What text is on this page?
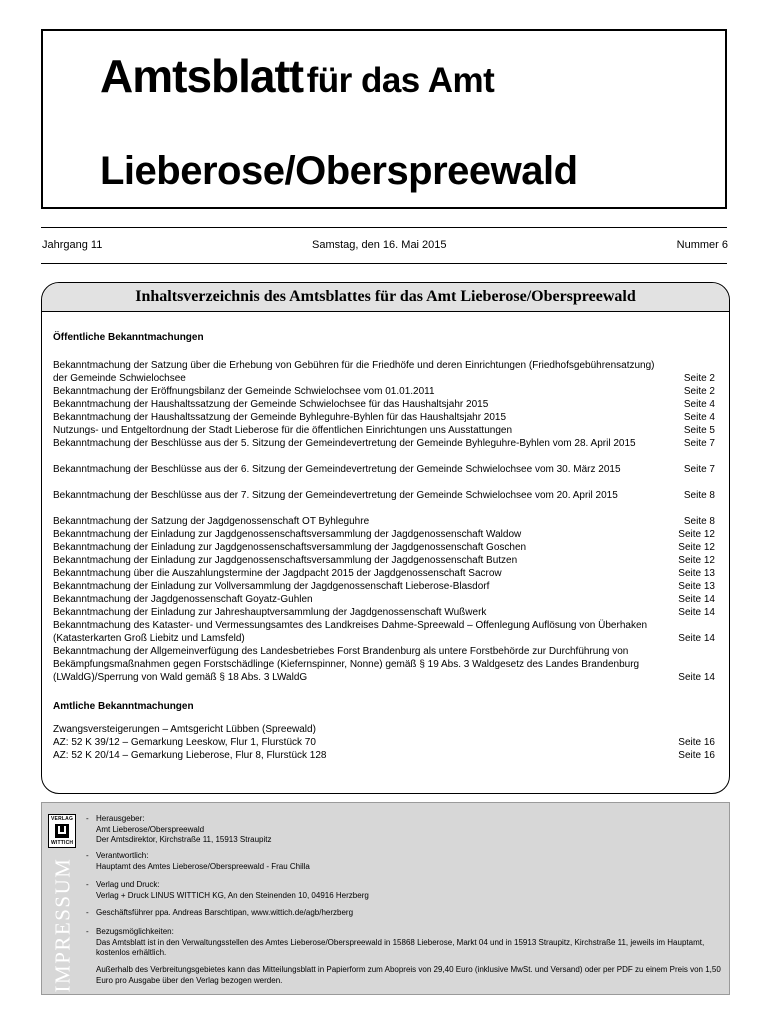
Amtsblatt für das Amt
Lieberose/Oberspreewald
Jahrgang 11	Samstag, den 16. Mai 2015	Nummer 6
Inhaltsverzeichnis des Amtsblattes für das Amt Lieberose/Oberspreewald
Öffentliche Bekanntmachungen
Bekanntmachung der Satzung über die Erhebung von Gebühren für die Friedhöfe und deren Einrichtungen (Friedhofsgebührensatzung) der Gemeinde Schwielochsee	Seite 2
Bekanntmachung der Eröffnungsbilanz der Gemeinde Schwielochsee vom 01.01.2011	Seite 2
Bekanntmachung der Haushaltssatzung der Gemeinde Schwielochsee für das Haushaltsjahr 2015	Seite 4
Bekanntmachung der Haushaltssatzung der Gemeinde Byhleguhre-Byhlen für das Haushaltsjahr 2015	Seite 4
Nutzungs- und Entgeltordnung der Stadt Lieberose für die öffentlichen Einrichtungen uns Ausstattungen	Seite 5
Bekanntmachung der Beschlüsse aus der 5. Sitzung der Gemeindevertretung der Gemeinde Byhleguhre-Byhlen vom 28. April 2015	Seite 7
Bekanntmachung der Beschlüsse aus der 6. Sitzung der Gemeindevertretung der Gemeinde Schwielochsee vom 30. März 2015	Seite 7
Bekanntmachung der Beschlüsse aus der 7. Sitzung der Gemeindevertretung der Gemeinde Schwielochsee vom 20. April 2015	Seite 8
Bekanntmachung der Satzung der Jagdgenossenschaft OT Byhleguhre	Seite 8
Bekanntmachung der Einladung zur Jagdgenossenschaftsversammlung der Jagdgenossenschaft Waldow	Seite 12
Bekanntmachung der Einladung zur Jagdgenossenschaftsversammlung der Jagdgenossenschaft Goschen	Seite 12
Bekanntmachung der Einladung zur Jagdgenossenschaftsversammlung der Jagdgenossenschaft Butzen	Seite 12
Bekanntmachung über die Auszahlungstermine der Jagdpacht 2015 der Jagdgenossenschaft Sacrow	Seite 13
Bekanntmachung der Einladung zur Vollversammlung der Jagdgenossenschaft Lieberose-Blasdorf	Seite 13
Bekanntmachung der Jagdgenossenschaft Goyatz-Guhlen	Seite 14
Bekanntmachung der Einladung zur Jahreshauptversammlung der Jagdgenossenschaft Wußwerk	Seite 14
Bekanntmachung des Kataster- und Vermessungsamtes des Landkreises Dahme-Spreewald – Offenlegung Auflösung von Überhaken (Katasterkarten Groß Liebitz und Lamsfeld)	Seite 14
Bekanntmachung der Allgemeinverfügung des Landesbetriebes Forst Brandenburg als untere Forstbehörde zur Durchführung von Bekämpfungsmaßnahmen gegen Forstschädlinge (Kiefernspinner, Nonne) gemäß § 19 Abs. 3 Waldgesetz des Landes Brandenburg (LWaldG)/Sperrung von Wald gemäß § 18 Abs. 3 LWaldG	Seite 14
Amtliche Bekanntmachungen
Zwangsversteigerungen – Amtsgericht Lübben (Spreewald)
AZ: 52 K 39/12 – Gemarkung Leeskow, Flur 1, Flurstück 70	Seite 16
AZ: 52 K 20/14 – Gemarkung Lieberose, Flur 8, Flurstück 128	Seite 16
VERLAG
WITTICH
IMPRESSUM
- Herausgeber:
Amt Lieberose/Oberspreewald
Der Amtsdirektor, Kirchstraße 11, 15913 Straupitz
- Verantwortlich:
Hauptamt des Amtes Lieberose/Oberspreewald - Frau Chilla
- Verlag und Druck:
Verlag + Druck LINUS WITTICH KG, An den Steinenden 10, 04916 Herzberg
- Geschäftsführer ppa. Andreas Barschtipan, www.wittich.de/agb/herzberg
- Bezugsmöglichkeiten:
Das Amtsblatt ist in den Verwaltungsstellen des Amtes Lieberose/Oberspreewald in 15868 Lieberose, Markt 04 und in 15913 Straupitz, Kirchstraße 11, jeweils im Hauptamt, kostenlos erhältlich.
Außerhalb des Verbreitungsgebietes kann das Mitteilungsblatt in Papierform zum Abopreis von 29,40 Euro (inklusive MwSt. und Versand) oder per PDF zu einem Preis von 1,50 Euro pro Ausgabe über den Verlag bezogen werden.
